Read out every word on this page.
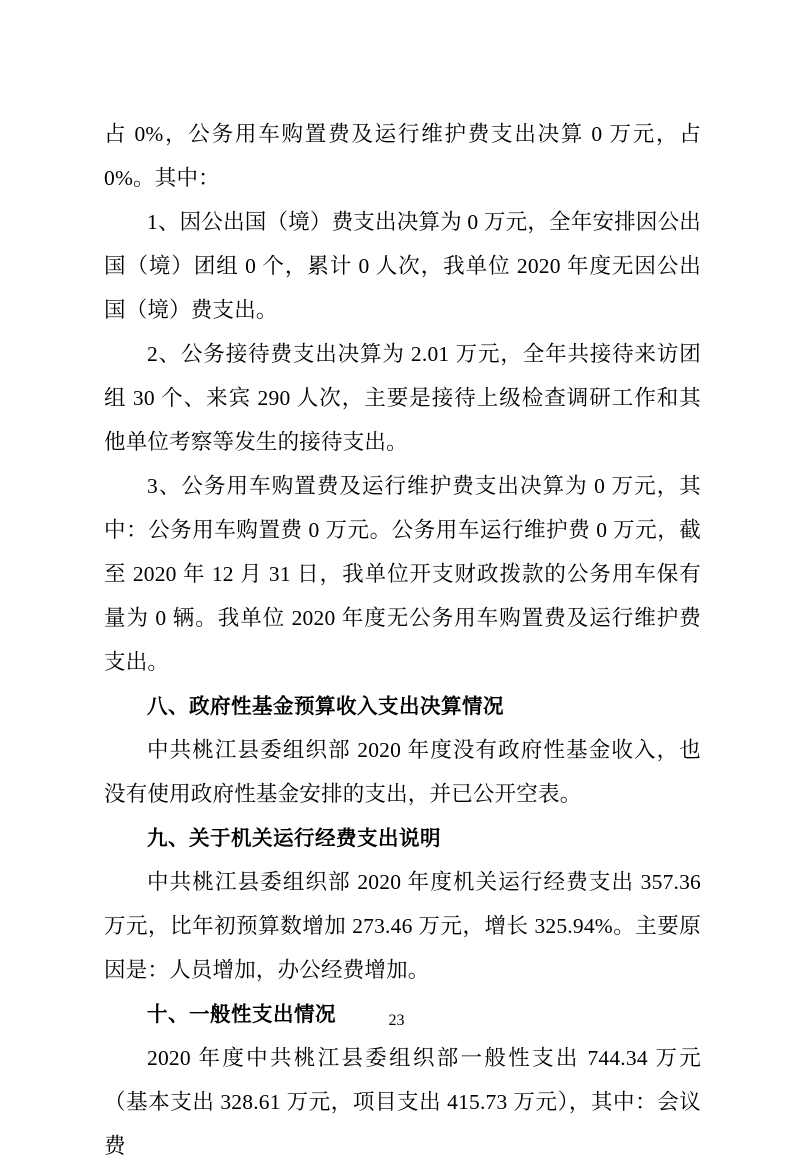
占 0%，公务用车购置费及运行维护费支出决算 0 万元，占 0%。其中：

1、因公出国（境）费支出决算为 0 万元，全年安排因公出国（境）团组 0 个，累计 0 人次，我单位 2020 年度无因公出国（境）费支出。

2、公务接待费支出决算为 2.01 万元，全年共接待来访团组 30 个、来宾 290 人次，主要是接待上级检查调研工作和其他单位考察等发生的接待支出。

3、公务用车购置费及运行维护费支出决算为 0 万元，其中：公务用车购置费 0 万元。公务用车运行维护费 0 万元，截至 2020 年 12 月 31 日，我单位开支财政拨款的公务用车保有量为 0 辆。我单位 2020 年度无公务用车购置费及运行维护费支出。

八、政府性基金预算收入支出决算情况

中共桃江县委组织部 2020 年度没有政府性基金收入，也没有使用政府性基金安排的支出，并已公开空表。

九、关于机关运行经费支出说明

中共桃江县委组织部 2020 年度机关运行经费支出 357.36 万元，比年初预算数增加 273.46 万元，增长 325.94%。主要原因是：人员增加，办公经费增加。

十、一般性支出情况

2020 年度中共桃江县委组织部一般性支出 744.34 万元（基本支出 328.61 万元，项目支出 415.73 万元），其中：会议费

23
